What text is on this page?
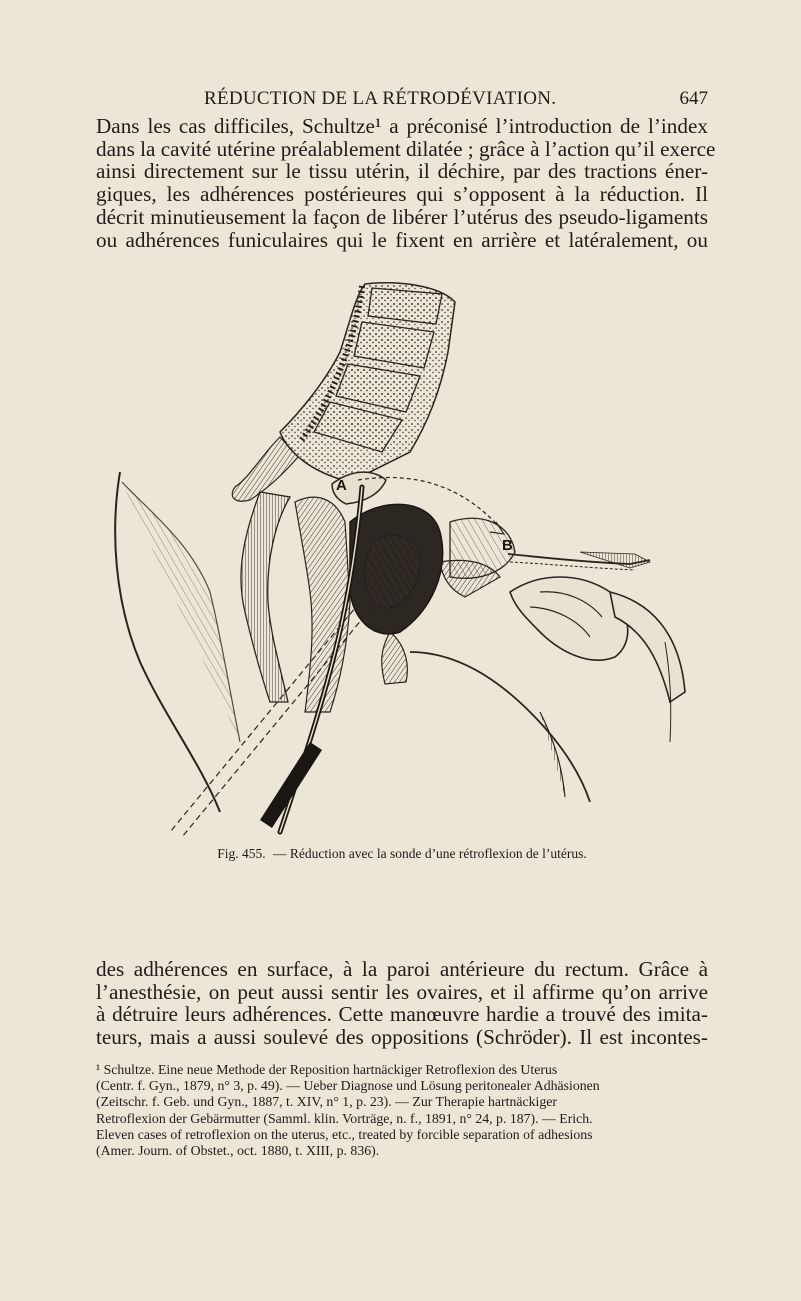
RÉDUCTION DE LA RÉTRODÉVIATION.	647
Dans les cas difficiles, Schultze¹ a préconisé l’introduction de l’index
dans la cavité utérine préalablement dilatée ; grâce à l’action qu’il exerce
ainsi directement sur le tissu utérin, il déchire, par des tractions éner-
giques, les adhérences postérieures qui s’opposent à la réduction. Il
décrit minutieusement la façon de libérer l’utérus des pseudo-ligaments
ou adhérences funiculaires qui le fixent en arrière et latéralement, ou
A
B
Fig. 455. — Réduction avec la sonde d’une rétroflexion de l’utérus.
des adhérences en surface, à la paroi antérieure du rectum. Grâce à
l’anesthésie, on peut aussi sentir les ovaires, et il affirme qu’on arrive
à détruire leurs adhérences. Cette manœuvre hardie a trouvé des imita-
teurs, mais a aussi soulevé des oppositions (Schröder). Il est incontes-
¹ Schultze. Eine neue Methode der Reposition hartnäckiger Retroflexion des Uterus
(Centr. f. Gyn., 1879, n° 3, p. 49). — Ueber Diagnose und Lösung peritonealer Adhäsionen
(Zeitschr. f. Geb. und Gyn., 1887, t. XIV, n° 1, p. 23). — Zur Therapie hartnäckiger
Retroflexion der Gebärmutter (Samml. klin. Vorträge, n. f., 1891, n° 24, p. 187). — Erich.
Eleven cases of retroflexion on the uterus, etc., treated by forcible separation of adhesions
(Amer. Journ. of Obstet., oct. 1880, t. XIII, p. 836).
